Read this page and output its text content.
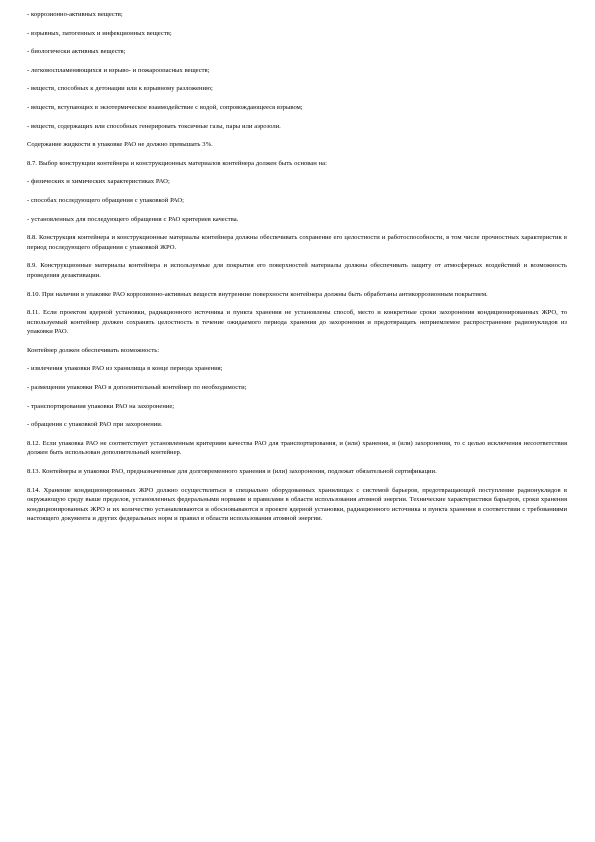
- коррозионно-активных веществ;

- взрывных, патогенных и инфекционных веществ;

- биологически активных веществ;

- легковоспламеняющихся и взрыво- и пожароопасных веществ;

- веществ, способных к детонации или к взрывному разложению;

- веществ, вступающих в экзотермическое взаимодействие с водой, сопровождающееся взрывом;

- веществ, содержащих или способных генерировать токсичные газы, пары или аэрозоли.

Содержание жидкости в упаковке РАО не должно превышать 3%.

8.7. Выбор конструкции контейнера и конструкционных материалов контейнера должен быть основан на:

- физических и химических характеристиках РАО;

- способах последующего обращения с упаковкой РАО;

- установленных для последующего обращения с РАО критериев качества.

8.8. Конструкция контейнера и конструкционные материалы контейнера должны обеспечивать сохранение его целостности и работоспособности, в том числе прочностных характеристик в период последующего обращения с упаковкой ЖРО.

8.9. Конструкционные материалы контейнера и используемые для покрытия его поверхностей материалы должны обеспечивать защиту от атмосферных воздействий и возможность проведения дезактивации.

8.10. При наличии в упаковке РАО коррозионно-активных веществ внутренние поверхности контейнера должны быть обработаны антикоррозионным покрытием.

8.11. Если проектом ядерной установки, радиационного источника и пункта хранения не установлены способ, место и конкретные сроки захоронения кондиционированных ЖРО, то используемый контейнер должен сохранять целостность в течение ожидаемого периода хранения до захоронения и предотвращать неприемлемое распространение радионуклидов из упаковки РАО.

Контейнер должен обеспечивать возможность:

- извлечения упаковки РАО из хранилища в конце периода хранения;

- размещения упаковки РАО в дополнительный контейнер по необходимости;

- транспортирования упаковки РАО на захоронение;

- обращения с упаковкой РАО при захоронении.

8.12. Если упаковка РАО не соответствует установленным критериям качества РАО для транспортирования, и (или) хранения, и (или) захоронения, то с целью исключения несоответствия должен быть использован дополнительный контейнер.

8.13. Контейнеры и упаковки РАО, предназначенные для долговременного хранения и (или) захоронения, подлежат обязательной сертификации.

8.14. Хранение кондиционированных ЖРО должно осуществляться в специально оборудованных хранилищах с системой барьеров, предотвращающей поступление радионуклидов в окружающую среду выше пределов, установленных федеральными нормами и правилами в области использования атомной энергии. Технические характеристики барьеров, сроки хранения кондиционированных ЖРО и их количество устанавливаются и обосновываются в проекте ядерной установки, радиационного источника и пункта хранения в соответствии с требованиями настоящего документа и других федеральных норм и правил в области использования атомной энергии.
